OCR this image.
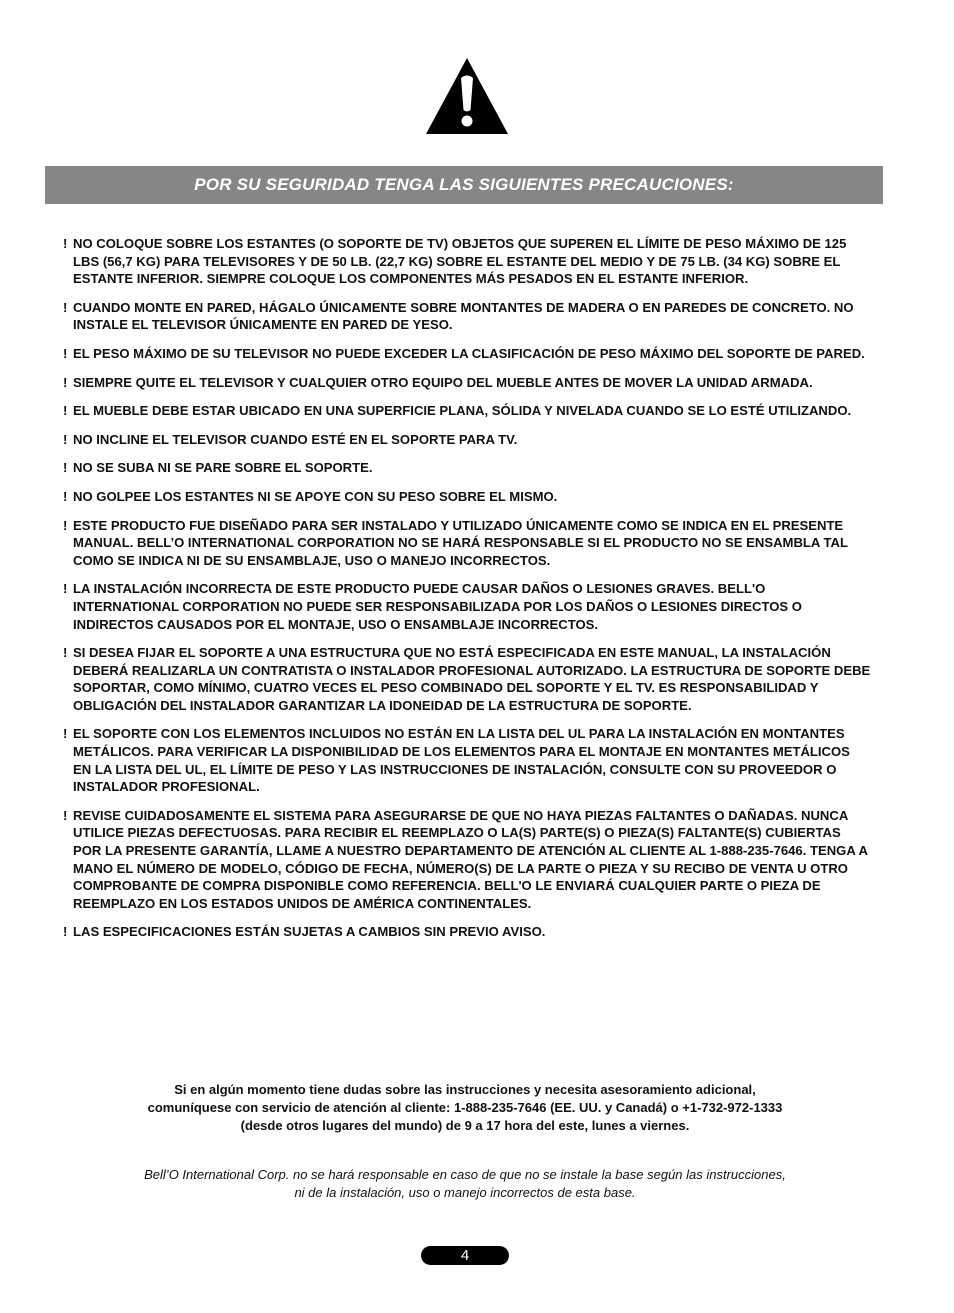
POR SU SEGURIDAD TENGA LAS SIGUIENTES PRECAUCIONES:
! NO COLOQUE SOBRE LOS ESTANTES (O SOPORTE DE TV) OBJETOS QUE SUPEREN EL LÍMITE DE PESO MÁXIMO DE 125 LBS (56,7 KG) PARA TELEVISORES Y DE 50 LB. (22,7 KG) SOBRE EL ESTANTE DEL MEDIO Y DE 75 LB. (34 KG) SOBRE EL ESTANTE INFERIOR. SIEMPRE COLOQUE LOS COMPONENTES MÁS PESADOS EN EL ESTANTE INFERIOR.
! CUANDO MONTE EN PARED, HÁGALO ÚNICAMENTE SOBRE MONTANTES DE MADERA O EN PAREDES DE CONCRETO. NO INSTALE EL TELEVISOR ÚNICAMENTE EN PARED DE YESO.
! EL PESO MÁXIMO DE SU TELEVISOR NO PUEDE EXCEDER LA CLASIFICACIÓN DE PESO MÁXIMO DEL SOPORTE DE PARED.
! SIEMPRE QUITE EL TELEVISOR Y CUALQUIER OTRO EQUIPO DEL MUEBLE ANTES DE MOVER LA UNIDAD ARMADA.
! EL MUEBLE DEBE ESTAR UBICADO EN UNA SUPERFICIE PLANA, SÓLIDA Y NIVELADA CUANDO SE LO ESTÉ UTILIZANDO.
! NO INCLINE EL TELEVISOR CUANDO ESTÉ EN EL SOPORTE PARA TV.
! NO SE SUBA NI SE PARE SOBRE EL SOPORTE.
! NO GOLPEE LOS ESTANTES NI SE APOYE CON SU PESO SOBRE EL MISMO.
! ESTE PRODUCTO FUE DISEÑADO PARA SER INSTALADO Y UTILIZADO ÚNICAMENTE COMO SE INDICA EN EL PRESENTE MANUAL. BELL’O INTERNATIONAL CORPORATION NO SE HARÁ RESPONSABLE SI EL PRODUCTO NO SE ENSAMBLA TAL COMO SE INDICA NI DE SU ENSAMBLAJE, USO O MANEJO INCORRECTOS.
! LA INSTALACIÓN INCORRECTA DE ESTE PRODUCTO PUEDE CAUSAR DAÑOS O LESIONES GRAVES. BELL'O INTERNATIONAL CORPORATION NO PUEDE SER RESPONSABILIZADA POR LOS DAÑOS O LESIONES DIRECTOS O INDIRECTOS CAUSADOS POR EL MONTAJE, USO O ENSAMBLAJE INCORRECTOS.
! SI DESEA FIJAR EL SOPORTE A UNA ESTRUCTURA QUE NO ESTÁ ESPECIFICADA EN ESTE MANUAL, LA INSTALACIÓN DEBERÁ REALIZARLA UN CONTRATISTA O INSTALADOR PROFESIONAL AUTORIZADO. LA ESTRUCTURA DE SOPORTE DEBE SOPORTAR, COMO MÍNIMO, CUATRO VECES EL PESO COMBINADO DEL SOPORTE Y EL TV. ES RESPONSABILIDAD Y OBLIGACIÓN DEL INSTALADOR GARANTIZAR LA IDONEIDAD DE LA ESTRUCTURA DE SOPORTE.
! EL SOPORTE CON LOS ELEMENTOS INCLUIDOS NO ESTÁN EN LA LISTA DEL UL PARA LA INSTALACIÓN EN MONTANTES METÁLICOS. PARA VERIFICAR LA DISPONIBILIDAD DE LOS ELEMENTOS PARA EL MONTAJE EN MONTANTES METÁLICOS EN LA LISTA DEL UL, EL LÍMITE DE PESO Y LAS INSTRUCCIONES DE INSTALACIÓN, CONSULTE CON SU PROVEEDOR O INSTALADOR PROFESIONAL.
! REVISE CUIDADOSAMENTE EL SISTEMA PARA ASEGURARSE DE QUE NO HAYA PIEZAS FALTANTES O DAÑADAS. NUNCA UTILICE PIEZAS DEFECTUOSAS. PARA RECIBIR EL REEMPLAZO O LA(S) PARTE(S) O PIEZA(S) FALTANTE(S) CUBIERTAS POR LA PRESENTE GARANTÍA, LLAME A NUESTRO DEPARTAMENTO DE ATENCIÓN AL CLIENTE AL 1-888-235-7646. TENGA A MANO EL NÚMERO DE MODELO, CÓDIGO DE FECHA, NÚMERO(S) DE LA PARTE O PIEZA Y SU RECIBO DE VENTA U OTRO COMPROBANTE DE COMPRA DISPONIBLE COMO REFERENCIA. BELL'O LE ENVIARÁ CUALQUIER PARTE O PIEZA DE REEMPLAZO EN LOS ESTADOS UNIDOS DE AMÉRICA CONTINENTALES.
! LAS ESPECIFICACIONES ESTÁN SUJETAS A CAMBIOS SIN PREVIO AVISO.
Si en algún momento tiene dudas sobre las instrucciones y necesita asesoramiento adicional,
comuníquese con servicio de atención al cliente: 1-888-235-7646 (EE. UU. y Canadá) o +1-732-972-1333
(desde otros lugares del mundo) de 9 a 17 hora del este, lunes a viernes.
Bell’O International Corp. no se hará responsable en caso de que no se instale la base según las instrucciones,
ni de la instalación, uso o manejo incorrectos de esta base.
4
